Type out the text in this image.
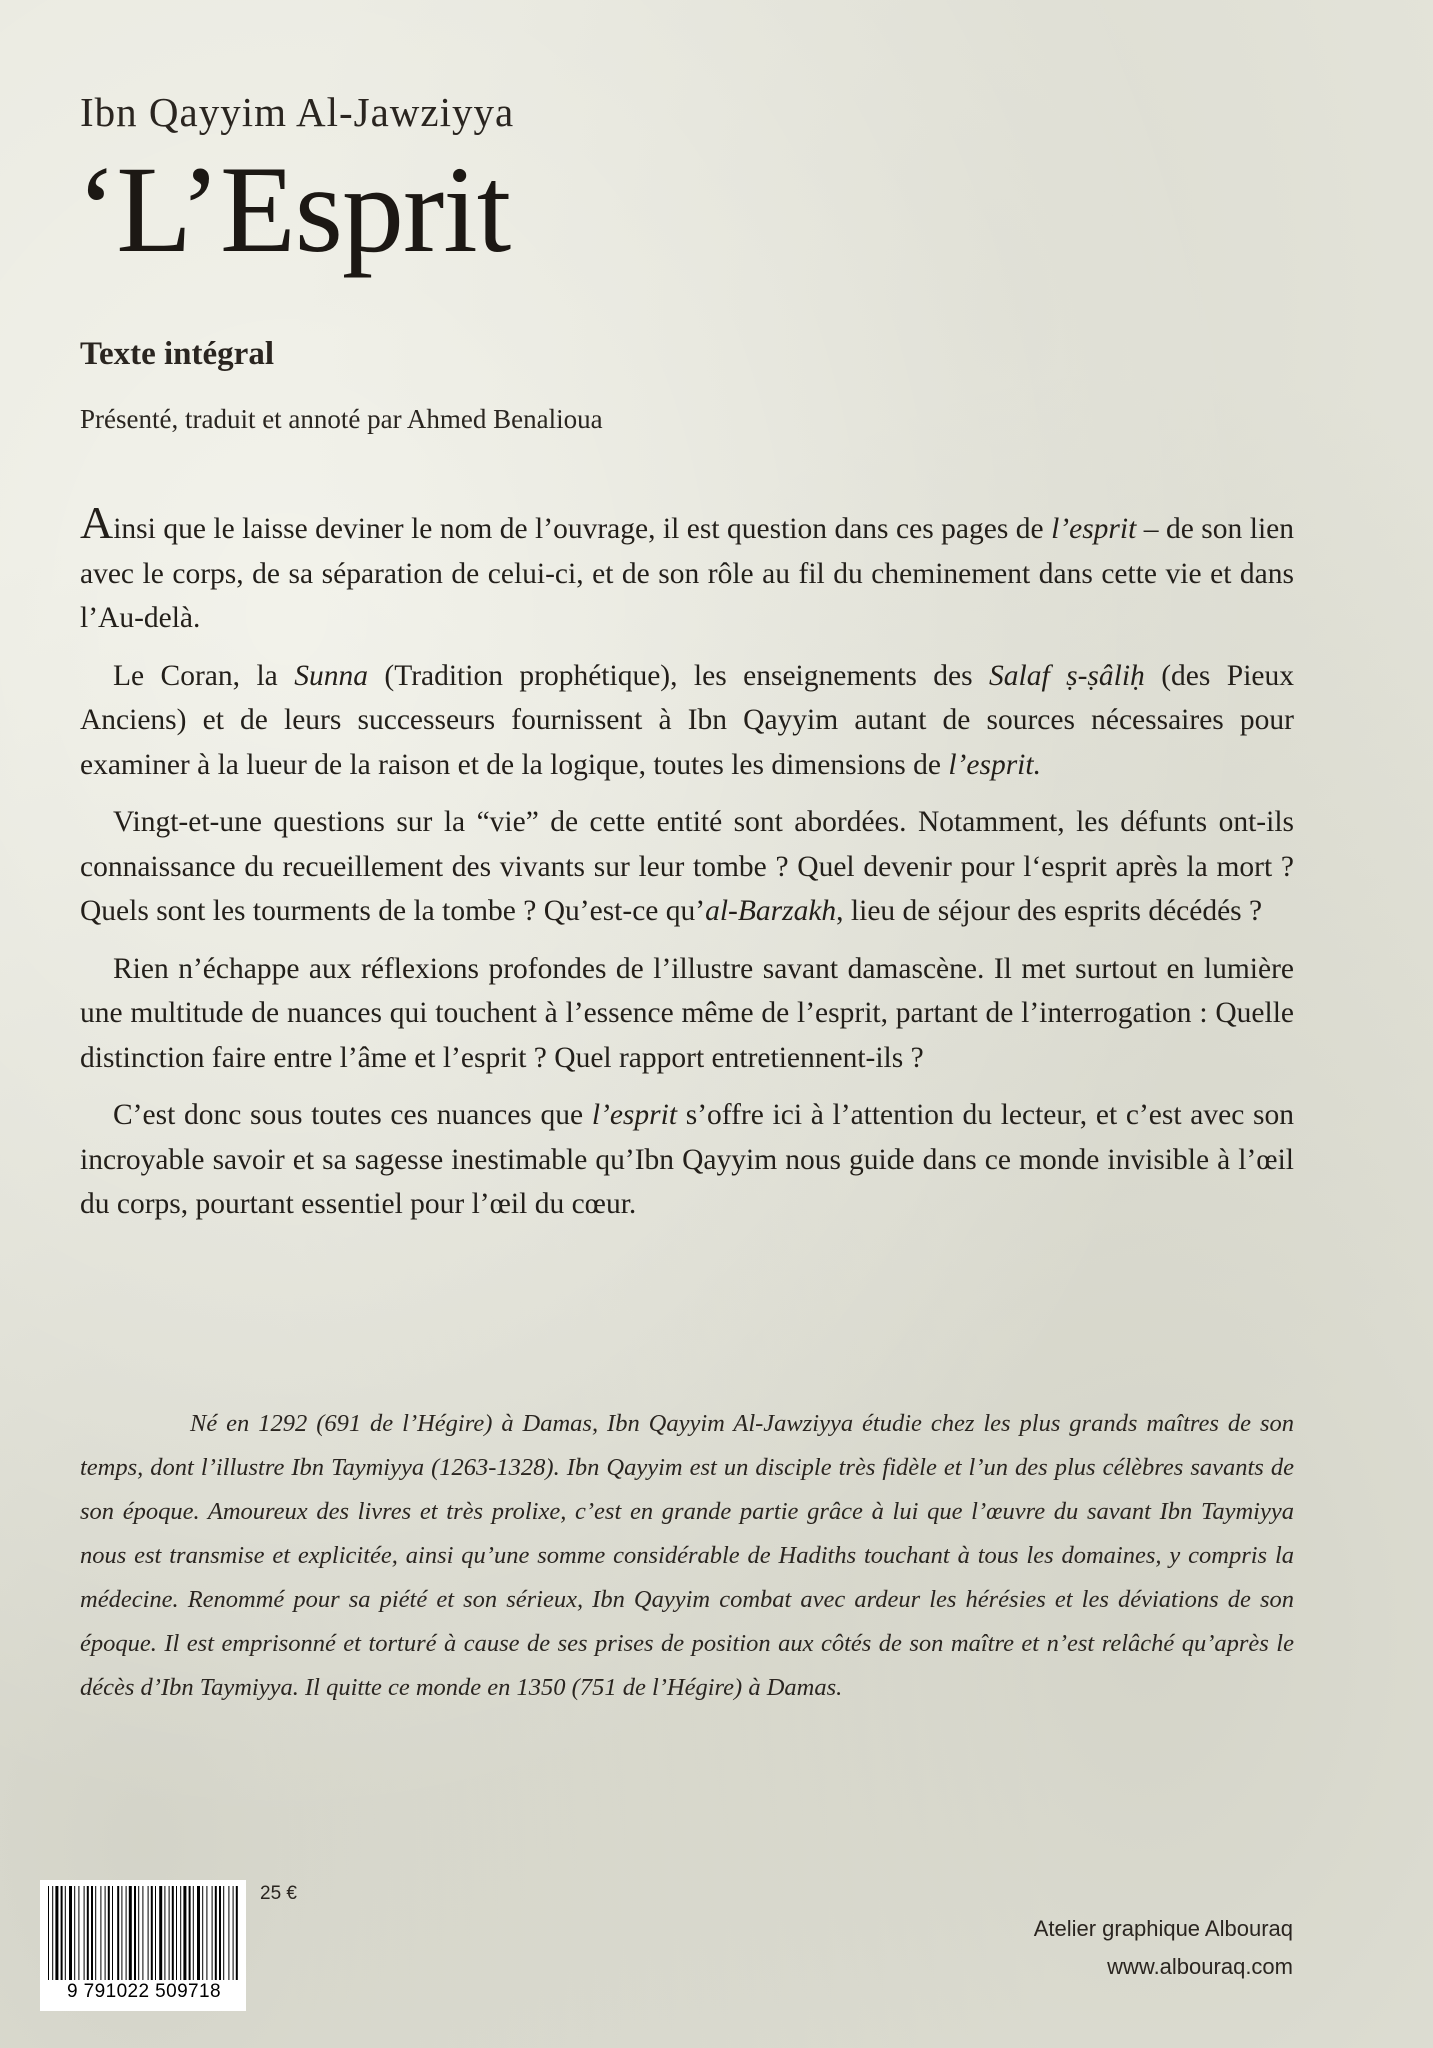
Ibn Qayyim Al-Jawziyya
‘L’Esprit
Texte intégral
Présenté, traduit et annoté par Ahmed Benalioua

Ainsi que le laisse deviner le nom de l’ouvrage, il est question dans ces pages de l’esprit – de son lien avec le corps, de sa séparation de celui-ci, et de son rôle au fil du cheminement dans cette vie et dans l’Au-delà.

Le Coran, la Sunna (Tradition prophétique), les enseignements des Salaf ṣ-ṣâliḥ (des Pieux Anciens) et de leurs successeurs fournissent à Ibn Qayyim autant de sources nécessaires pour examiner à la lueur de la raison et de la logique, toutes les dimensions de l’esprit.

Vingt-et-une questions sur la “vie” de cette entité sont abordées. Notamment, les défunts ont-ils connaissance du recueillement des vivants sur leur tombe ? Quel devenir pour l‘esprit après la mort ? Quels sont les tourments de la tombe ? Qu’est-ce qu’al-Barzakh, lieu de séjour des esprits décédés ?

Rien n’échappe aux réflexions profondes de l’illustre savant damascène. Il met surtout en lumière une multitude de nuances qui touchent à l’essence même de l’esprit, partant de l’interrogation : Quelle distinction faire entre l’âme et l’esprit ? Quel rapport entretiennent-ils ?

C’est donc sous toutes ces nuances que l’esprit s’offre ici à l’attention du lecteur, et c’est avec son incroyable savoir et sa sagesse inestimable qu’Ibn Qayyim nous guide dans ce monde invisible à l’œil du corps, pourtant essentiel pour l’œil du cœur.

Né en 1292 (691 de l’Hégire) à Damas, Ibn Qayyim Al-Jawziyya étudie chez les plus grands maîtres de son temps, dont l’illustre Ibn Taymiyya (1263-1328). Ibn Qayyim est un disciple très fidèle et l’un des plus célèbres savants de son époque. Amoureux des livres et très prolixe, c’est en grande partie grâce à lui que l’œuvre du savant Ibn Taymiyya nous est transmise et explicitée, ainsi qu’une somme considérable de Hadiths touchant à tous les domaines, y compris la médecine. Renommé pour sa piété et son sérieux, Ibn Qayyim combat avec ardeur les hérésies et les déviations de son époque. Il est emprisonné et torturé à cause de ses prises de position aux côtés de son maître et n’est relâché qu’après le décès d’Ibn Taymiyya. Il quitte ce monde en 1350 (751 de l’Hégire) à Damas.
9 791022 509718
25 €
Atelier graphique Albouraq
www.albouraq.com
